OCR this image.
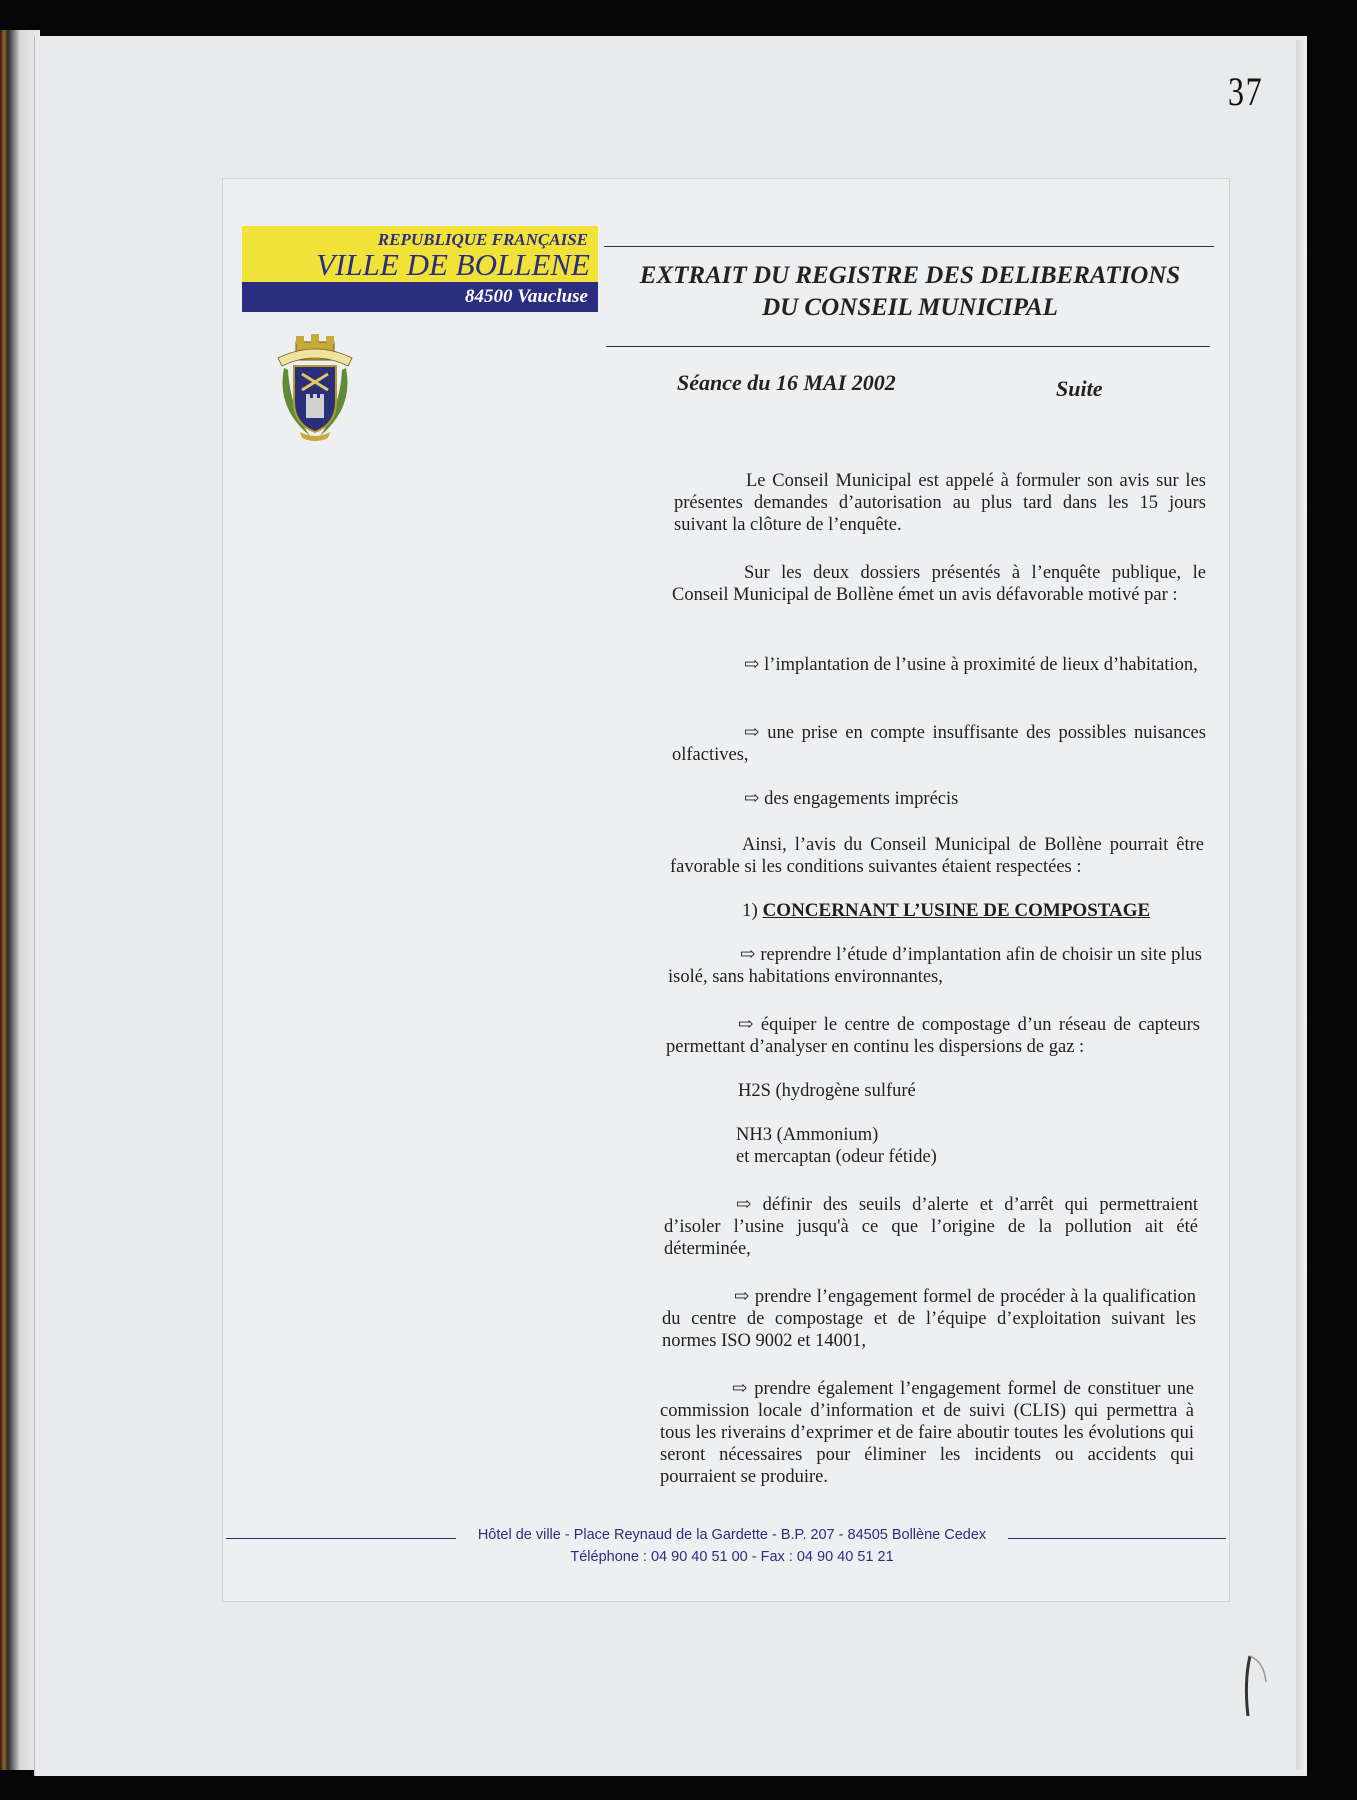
37
REPUBLIQUE FRANÇAISE
VILLE DE BOLLENE
84500 Vaucluse
EXTRAIT DU REGISTRE DES DELIBERATIONS
DU CONSEIL MUNICIPAL
Séance du 16 MAI 2002	Suite

Le Conseil Municipal est appelé à formuler son avis sur les présentes demandes d’autorisation au plus tard dans les 15 jours suivant la clôture de l’enquête.

Sur les deux dossiers présentés à l’enquête publique, le Conseil Municipal de Bollène émet un avis défavorable motivé par :

⇨ l’implantation de l’usine à proximité de lieux d’habitation,

⇨ une prise en compte insuffisante des possibles nuisances olfactives,

⇨ des engagements imprécis

Ainsi, l’avis du Conseil Municipal de Bollène pourrait être favorable si les conditions suivantes étaient respectées :

1) CONCERNANT L’USINE DE COMPOSTAGE

⇨ reprendre l’étude d’implantation afin de choisir un site plus isolé, sans habitations environnantes,

⇨ équiper le centre de compostage d’un réseau de capteurs permettant d’analyser en continu les dispersions de gaz :

H2S (hydrogène sulfuré

NH3 (Ammonium)

et mercaptan (odeur fétide)

⇨ définir des seuils d’alerte et d’arrêt qui permettraient d’isoler l’usine jusqu'à ce que l’origine de la pollution ait été déterminée,

⇨ prendre l’engagement formel de procéder à la qualification du centre de compostage et de l’équipe d’exploitation suivant les normes ISO 9002 et 14001,

⇨ prendre également l’engagement formel de constituer une commission locale d’information et de suivi (CLIS) qui permettra à tous les riverains d’exprimer et de faire aboutir toutes les évolutions qui seront nécessaires pour éliminer les incidents ou accidents qui pourraient se produire.

Hôtel de ville - Place Reynaud de la Gardette - B.P. 207 - 84505 Bollène Cedex
Téléphone : 04 90 40 51 00 - Fax : 04 90 40 51 21
